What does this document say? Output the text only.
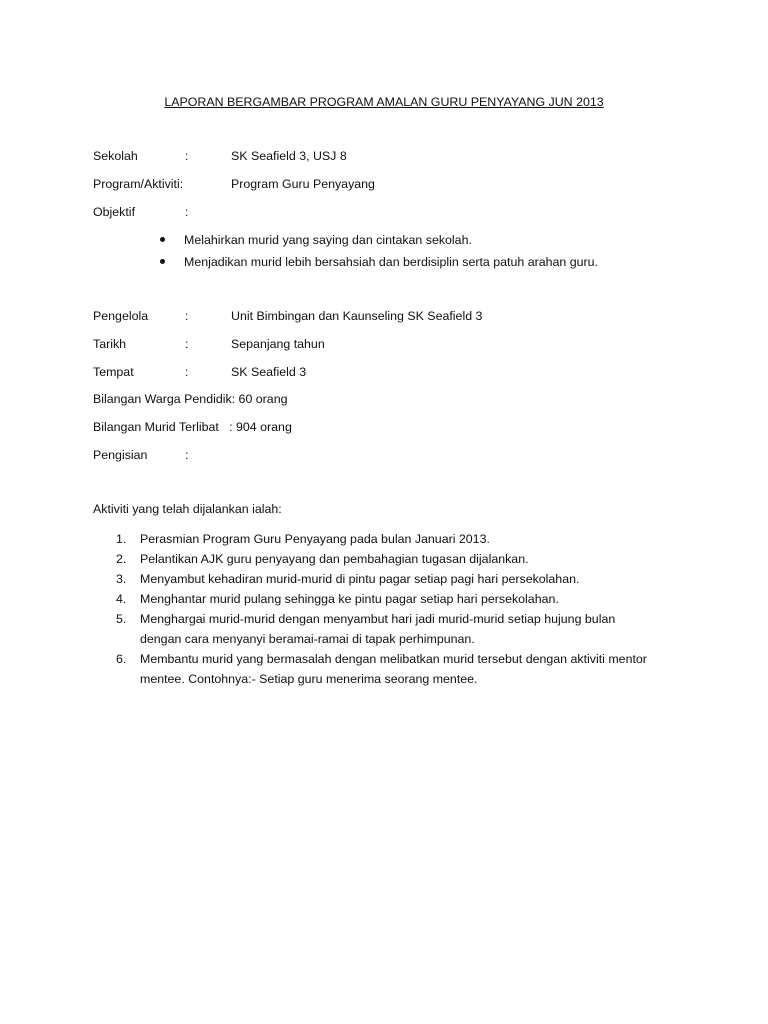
LAPORAN BERGAMBAR PROGRAM AMALAN GURU PENYAYANG JUN 2013
Sekolah	:	SK Seafield 3, USJ 8
Program/Aktiviti:	Program Guru Penyayang
Objektif	:
Melahirkan murid yang saying dan cintakan sekolah.
Menjadikan murid lebih bersahsiah dan berdisiplin serta patuh arahan guru.
Pengelola	:	Unit Bimbingan dan Kaunseling SK Seafield 3
Tarikh	:	Sepanjang tahun
Tempat	:	SK Seafield 3
Bilangan Warga Pendidik: 60 orang
Bilangan Murid Terlibat   : 904 orang
Pengisian	:
Aktiviti yang telah dijalankan ialah:
1. Perasmian Program Guru Penyayang pada bulan Januari 2013.
2. Pelantikan AJK guru penyayang dan pembahagian tugasan dijalankan.
3. Menyambut kehadiran murid-murid di pintu pagar setiap pagi hari persekolahan.
4. Menghantar murid pulang sehingga ke pintu pagar setiap hari persekolahan.
5. Menghargai murid-murid dengan menyambut hari jadi murid-murid setiap hujung bulan dengan cara menyanyi beramai-ramai di tapak perhimpunan.
6. Membantu murid yang bermasalah dengan melibatkan murid tersebut dengan aktiviti mentor mentee. Contohnya:- Setiap guru menerima seorang mentee.
